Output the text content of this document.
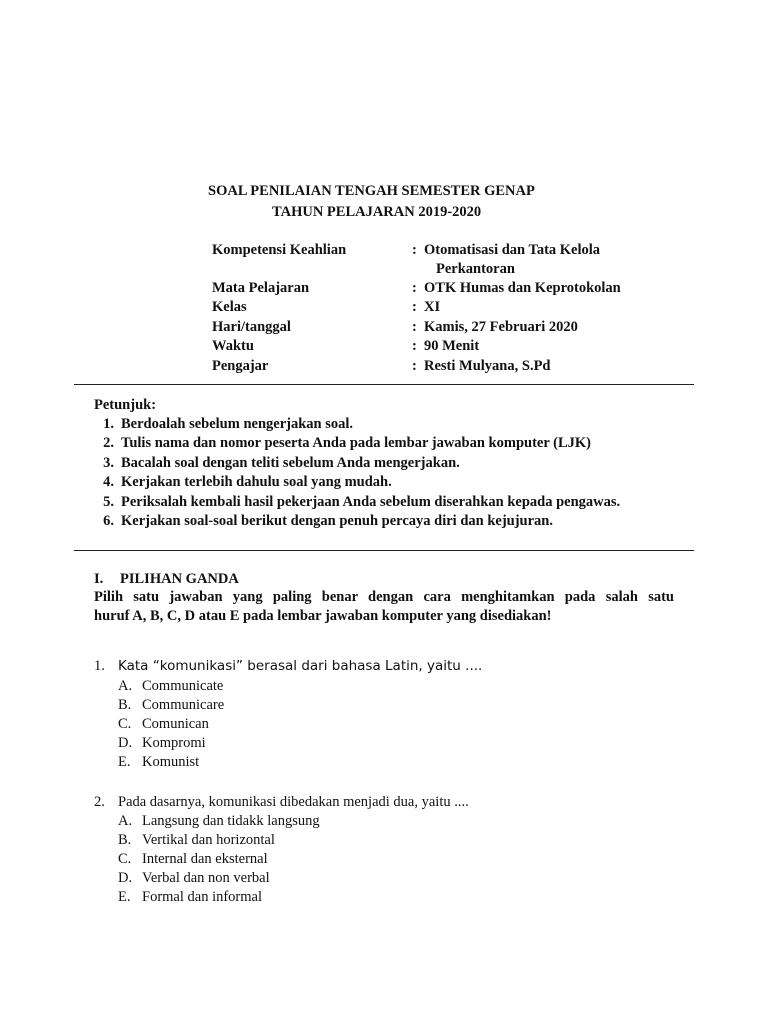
SOAL PENILAIAN TENGAH SEMESTER GENAP
TAHUN PELAJARAN 2019-2020
Kompetensi Keahlian	: Otomatisasi dan Tata Kelola
Perkantoran
Mata Pelajaran	: OTK Humas dan Keprotokolan
Kelas	: XI
Hari/tanggal	: Kamis, 27 Februari 2020
Waktu	: 90 Menit
Pengajar	: Resti Mulyana, S.Pd
Petunjuk:
1. Berdoalah sebelum nengerjakan soal.
2. Tulis nama dan nomor peserta Anda pada lembar jawaban komputer (LJK)
3. Bacalah soal dengan teliti sebelum Anda mengerjakan.
4. Kerjakan terlebih dahulu soal yang mudah.
5. Periksalah kembali hasil pekerjaan Anda sebelum diserahkan kepada pengawas.
6. Kerjakan soal-soal berikut dengan penuh percaya diri dan kejujuran.
I. PILIHAN GANDA
Pilih satu jawaban yang paling benar dengan cara menghitamkan pada salah satu
huruf A, B, C, D atau E pada lembar jawaban komputer yang disediakan!
1. Kata “komunikasi” berasal dari bahasa Latin, yaitu ....
A. Communicate
B. Communicare
C. Comunican
D. Kompromi
E. Komunist
2. Pada dasarnya, komunikasi dibedakan menjadi dua, yaitu ....
A. Langsung dan tidakk langsung
B. Vertikal dan horizontal
C. Internal dan eksternal
D. Verbal dan non verbal
E. Formal dan informal
